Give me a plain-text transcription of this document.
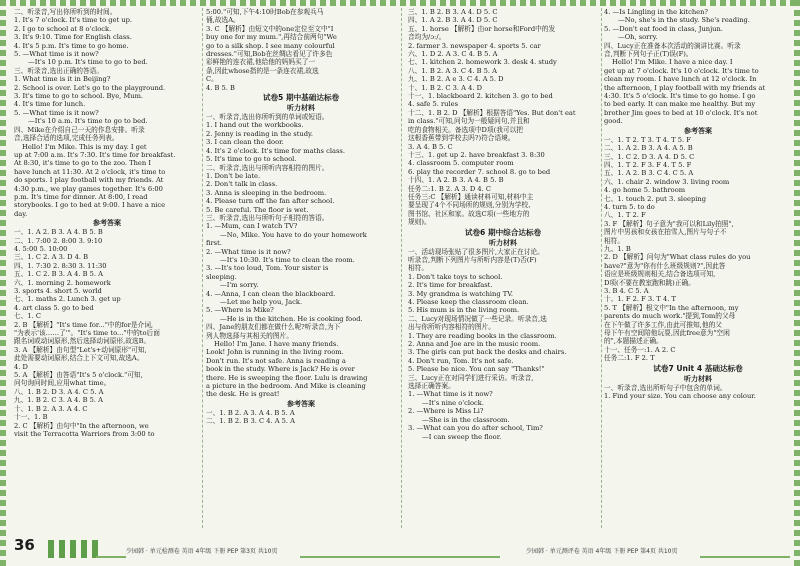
二、听录音,写出你所听到的时间。
1. It's 7 o'clock. It's time to get up.
2. I go to school at 8 o'clock.
3. It's 9:10. Time for English class.
4. It's 5 p.m. It's time to go home.
5. —What time is it now?
—It's 10 p.m. It's time to go to bed.
三、听录音,选出正确的答语。
1. What time is it in Beijing?
2. School is over. Let's go to the playground.
3. It's time to go to school. Bye, Mum.
4. It's time for lunch.
5. —What time is it now?
—It's 10 a.m. It's time to go to bed.
四、Mike在介绍自己一天的作息安排。听录
音,选择合适的选项,完成任务列表。
Hello! I'm Mike. This is my day. I get
up at 7:00 a.m. It's 7:30. It's time for breakfast.
At 8:30, it's time to go to the zoo. Then I
have lunch at 11:30. At 2 o'clock, it's time to
do sports. I play football with my friends. At
4:30 p.m., we play games together. It's 6:00
p.m. It's time for dinner. At 8:00, I read
storybooks. I go to bed at 9:00. I have a nice
day.
参考答案
一、1. A 2. B 3. A 4. B 5. B
二、1. 7:00 2. 8:00 3. 9:10
4. 5:00 5. 10:00
三、1. C 2. A 3. D 4. B
四、1. 7:30 2. 8:30 3. 11:30
五、1. C 2. B 3. A 4. B 5. A
六、1. morning 2. homework
3. sports 4. short 5. world
七、1. maths 2. Lunch 3. get up
4. art class 5. go to bed
七、1. C
2. B 【解析】"It's time for..."中的for是介词,
"为表示'该……了'"。"It's time to..."中的to后面
跟名词或动词原形,然后选择动词原形,故选B。
3. A 【解析】由句型"Let's+动词原形"可知,
此处需要动词原形,结合上下文可知,故选A。
4. D
5. A 【解析】由答语"It's 5 o'clock."可知,
问句询问时间,应用what time。
八、1. B 2. D 3. A 4. C 5. A
九、1. B 2. C 3. A 4. B 5. A
十、1. B 2. A 3. A 4. C
十一、1. B
2. C 【解析】由句中"In the afternoon, we
visit the Terracotta Warriors from 3:00 to
5:00."可知,下午4:10时Bob在参观兵马
俑,故选A。
3. C 【解析】由短文中的one定位至文中"I
buy one for my mum.",再结合前两句"We
go to a silk shop. I see many colourful
dresses."可知,Bob在丝绸店看见了许多色
彩鲜艳的连衣裙,他给他的妈妈买了一
条,因此whose指的是一条连衣裙,故选
C。
4. B 5. B
试卷5 期中基础达标卷
听力材料
一、听录音,选出你所听到的单词或短语。
1. I hand out the workbooks.
2. Jenny is reading in the study.
3. I can clean the door.
4. It's 2 o'clock. It's time for maths class.
5. It's time to go to school.
二、听录音,选出与所听内容相符的图片。
1. Don't be late.
2. Don't talk in class.
3. Anna is sleeping in the bedroom.
4. Please turn off the fan after school.
5. Be careful. The floor is wet.
三、听录音,选出与所听句子相符的答语。
1. —Mum, can I watch TV?
—No, Mike. You have to do your homework
first.
2. —What time is it now?
—It's 10:30. It's time to clean the room.
3. —It's too loud, Tom. Your sister is
sleeping.
—I'm sorry.
4. —Anna, I can clean the blackboard.
—Let me help you, Jack.
5. —Where is Mike?
—He is in the kitchen. He is cooking food.
四、Jane的朋友们都在做什么呢?听录音,为下
列人物选择与其相关的图片。
Hello! I'm Jane. I have many friends.
Look! John is running in the living room.
Don't run. It's not safe. Anna is reading a
book in the study. Where is Jack? He is over
there. He is sweeping the floor. Lulu is drawing
a picture in the bedroom. And Mike is cleaning
the desk. He is great!
参考答案
一、1. B 2. A 3. A 4. B 5. A
二、1. B 2. B 3. C 4. A 5. A
三、1. B 2. B 3. A 4. D 5. C
四、1. A 2. B 3. A 4. D 5. C
五、1. horse 【解析】由or horse和Ford中的发
音均为/ɔː/。
2. farmer 3. newspaper 4. sports 5. car
六、1. D 2. A 3. C 4. B 5. A
七、1. kitchen 2. homework 3. desk 4. study
八、1. B 2. A 3. C 4. B 5. A
九、1. B 2. A e 3. C 4. A 5. D
十、1. B 2. C 3. A 4. D
十一、1. blackboard 2. kitchen 3. go to bed
4. safe 5. rules
十二、1. B 2. D 【解析】根据答语"Yes. But don't eat
in class."可知,问句为一般疑问句,并且和
吃的食物相关。备选项中D项(我可以把
这根香蕉带到学校去吗?)符合语境。
3. A 4. B 5. C
十三、1. get up 2. have breakfast 3. 8:30
4. classroom 5. computer room
6. play the recorder 7. school 8. go to bed
十四、1. A 2. B 3. A 4. B 5. B
任务二:1. B 2. A 3. D 4. C
任务三:C 【解析】通读材料可知,材料中主
要呈现了4个不同场所的规则,分别为学校、
图书馆、社区和家。故选C项(一些地方的
规则)。
试卷6 期中综合达标卷
听力材料
一、活动现场张贴了很多图片,大家正在讨论。
听录音,判断下列图片与所听内容是(T)否(F)
相符。
1. Don't take toys to school.
2. It's time for breakfast.
3. My grandma is watching TV.
4. Please keep the classroom clean.
5. His mum is in the living room.
二、Lucy对现场情况做了一些记录。听录音,选
出与你所听内容相符的图片。
1. They are reading books in the classroom.
2. Anna and Joe are in the music room.
3. The girls can put back the desks and chairs.
4. Don't run, Tom. It's not safe.
5. Please be nice. You can say "Thanks!"
三、Lucy正在对同学们进行采访。听录音,
选择正确答案。
1. —What time is it now?
—It's nine o'clock.
2. —Where is Miss Li?
—She is in the classroom.
3. —What can you do after school, Tim?
—I can sweep the floor.
4. —Is Lingling in the kitchen?
—No, she's in the study. She's reading.
5. —Don't eat food in class, Junjun.
—Oh, sorry.
四、Lucy正在准备本次活动的演讲比赛。听录
音,判断下列句子正(T)误(F)。
Hello! I'm Mike. I have a nice day. I
get up at 7 o'clock. It's 10 o'clock. It's time to
clean my room. I have lunch at 12 o'clock. In
the afternoon, I play football with my friends at
4:30. It's 5 o'clock. It's time to go home. I go
to bed early. It can make me healthy. But my
brother Jim goes to bed at 10 o'clock. It's not
good.
参考答案
一、1. T 2. T 3. T 4. T 5. F
二、1. A 2. B 3. A 4. A 5. B
三、1. C 2. D 3. A 4. D 5. C
四、1. T 2. F 3. F 4. T 5. F
五、1. A 2. B 3. C 4. C 5. A
六、1. chair 2. window 3. living room
4. go home 5. bathroom
七、1. touch 2. put 3. sleeping
4. turn 5. to do
八、1. T 2. F
3. F 【解析】句子意为"我可以和Lily拍照",
图片中男孩和女孩在拍雪人,图片与句子不
相符。
九、1. B
2. D 【解析】问句为"What class rules do you
have?"意为"你有什么班级规则?",因此答
语应是班级规则相关,结合备选项可知,
D项(不要在教室跑和跳)正确。
3. B 4. C 5. A
十、1. F 2. F 3. T 4. T
5. T 【解析】根文中"In the afternoon, my
parents do much work."提到,Tom的父母
在下午做了许多工作,由此可推知,他的父
母下午有空间陪他玩耍,因此free意为"空闲
的",本题描述正确。
十一、任务一:1. A 2. C
任务二:1. F 2. T
试卷7 Unit 4 基础达标卷
听力材料
一、听录音,选出所听句子中包含的单词。
1. Find your size. You can choose any colour.
36	少园韩 · 单元检测卷 英语 4年级 下册 PEP 第3页 共10页	少园韩 · 单元测评卷 英语 4年级 下册 PEP 第4页 共10页
